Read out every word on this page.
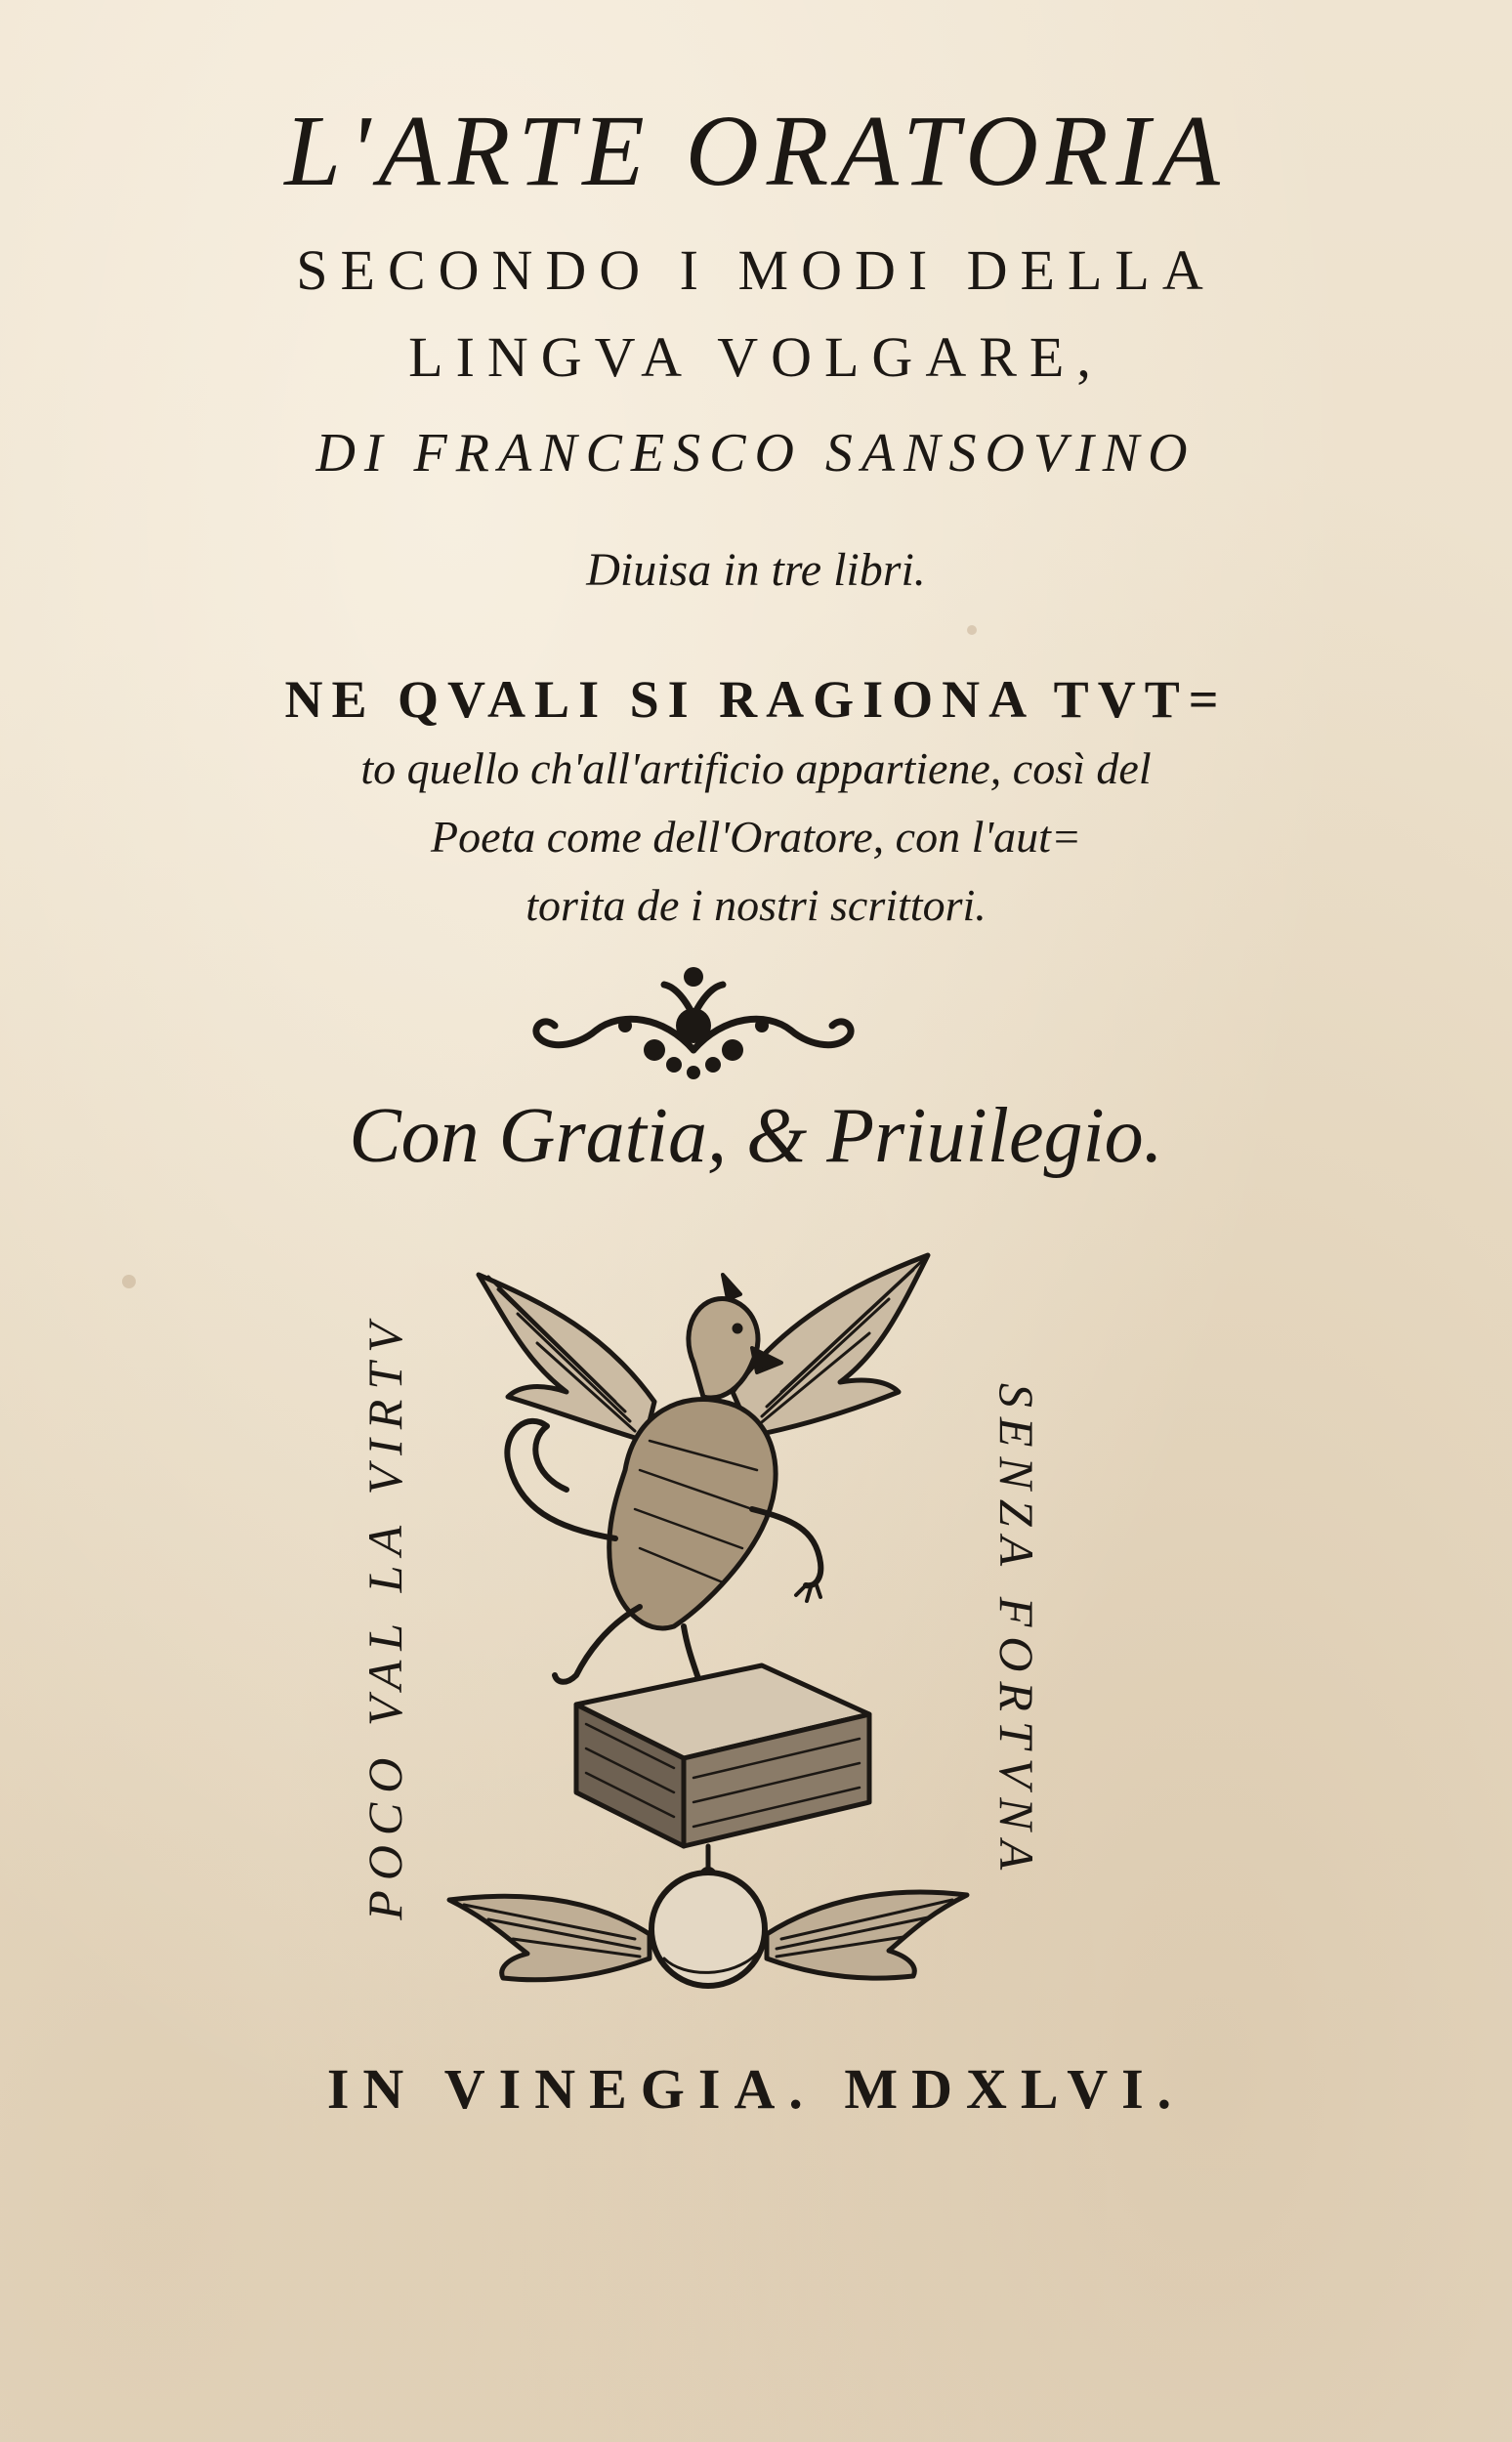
L'ARTE ORATORIA

SECONDO I MODI DELLA

LINGVA VOLGARE,

DI FRANCESCO SANSOVINO

Diuisa in tre libri.

NE QVALI SI RAGIONA TVT=

to quello ch'all'artificio appartiene, così del

Poeta come dell'Oratore, con l'aut=

torita de i nostri scrittori.

Con Gratia, & Priuilegio.

POCO VAL LA VIRTV	SENZA FORTVNA

IN VINEGIA. MDXLVI.
